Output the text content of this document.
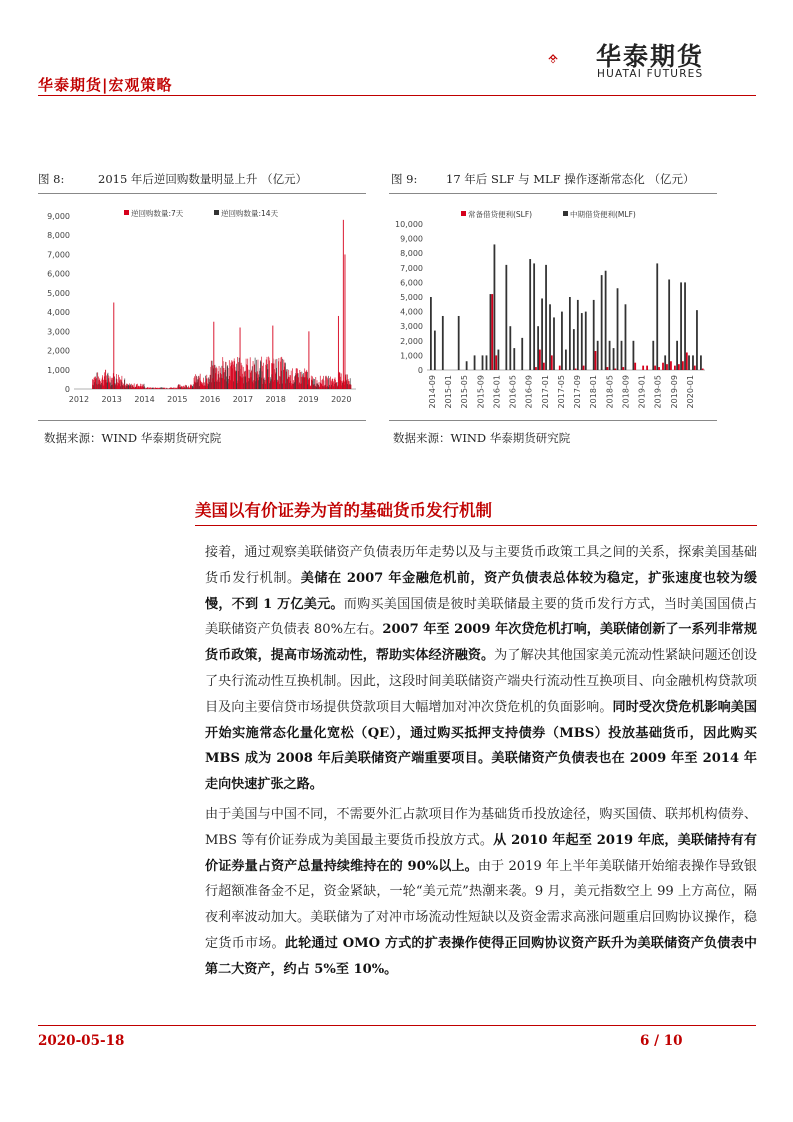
华泰期货|宏观策略
华泰期货
HUATAI FUTURES
图 8:	2015 年后逆回购数量明显上升 （亿元）
0
1,000
2,000
3,000
4,000
5,000
6,000
7,000
8,000
9,000
2012 2013 2014 2015 2016 2017 2018 2019 2020
逆回购数量:7天	逆回购数量:14天
数据来源：WIND 华泰期货研究院
图 9: 17 年后 SLF 与 MLF 操作逐渐常态化 （亿元）
0
1,000
2,000
3,000
4,000
5,000
6,000
7,000
8,000
9,000
10,000
2014-09 2015-01 2015-05 2015-09 2016-01 2016-05 2016-09 2017-01 2017-05 2017-09 2018-01 2018-05 2018-09 2019-01 2019-05 2019-09 2020-01
常备借贷便利(SLF)	中期借贷便利(MLF)
数据来源：WIND 华泰期货研究院
美国以有价证券为首的基础货币发行机制

接着，通过观察美联储资产负债表历年走势以及与主要货币政策工具之间的关系，探索美国基础货币发行机制。美储在 2007 年金融危机前，资产负债表总体较为稳定，扩张速度也较为缓慢，不到 1 万亿美元。而购买美国国债是彼时美联储最主要的货币发行方式，当时美国国债占美联储资产负债表 80%左右。2007 年至 2009 年次贷危机打响，美联储创新了一系列非常规货币政策，提高市场流动性，帮助实体经济融资。为了解决其他国家美元流动性紧缺问题还创设了央行流动性互换机制。因此，这段时间美联储资产端央行流动性互换项目、向金融机构贷款项目及向主要信贷市场提供贷款项目大幅增加对冲次贷危机的负面影响。同时受次贷危机影响美国开始实施常态化量化宽松（QE），通过购买抵押支持债券（MBS）投放基础货币，因此购买 MBS 成为 2008 年后美联储资产端重要项目。美联储资产负债表也在 2009 年至 2014 年走向快速扩张之路。

由于美国与中国不同，不需要外汇占款项目作为基础货币投放途径，购买国债、联邦机构债券、MBS 等有价证券成为美国最主要货币投放方式。从 2010 年起至 2019 年底，美联储持有有价证券量占资产总量持续维持在的 90%以上。由于 2019 年上半年美联储开始缩表操作导致银行超额准备金不足，资金紧缺，一轮“美元荒”热潮来袭。9 月，美元指数空上 99 上方高位，隔夜利率波动加大。美联储为了对冲市场流动性短缺以及资金需求高涨问题重启回购协议操作，稳定货币市场。此轮通过 OMO 方式的扩表操作使得正回购协议资产跃升为美联储资产负债表中第二大资产，约占 5%至 10%。

2020-05-18	6 / 10
